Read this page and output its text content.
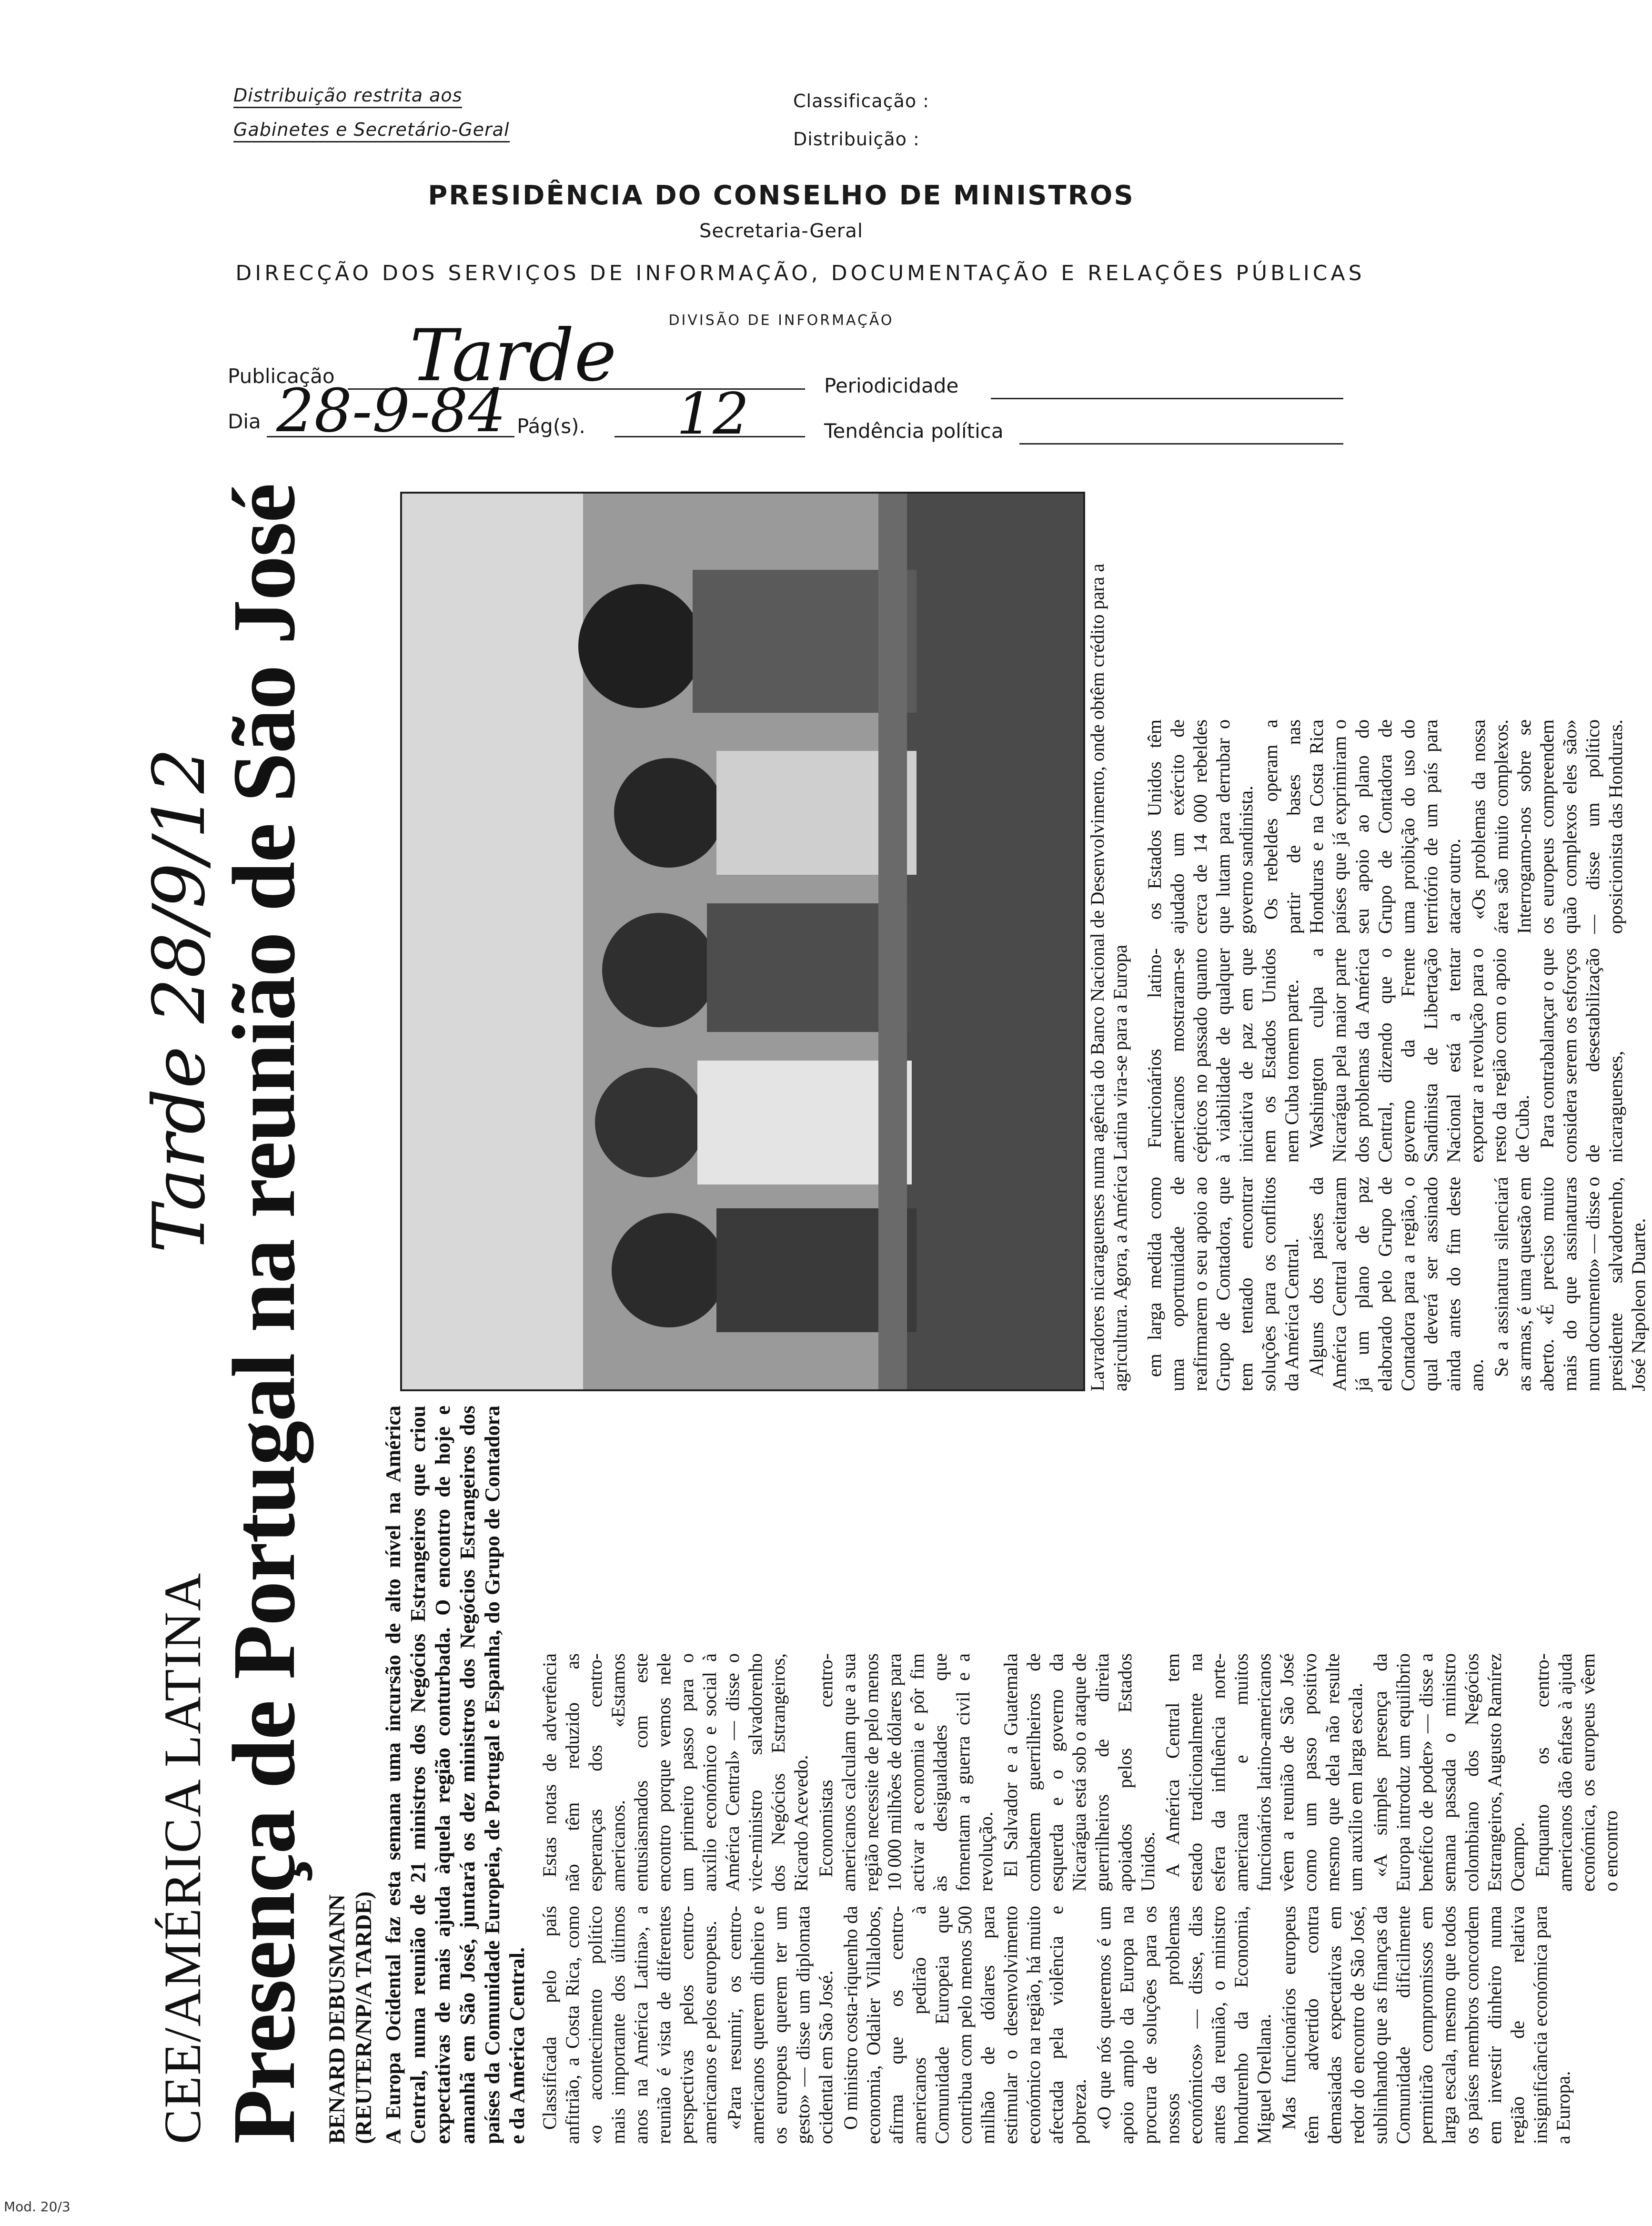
Distribuição restrita aos
Gabinetes e Secretário-Geral
Classificação :
Distribuição :
PRESIDÊNCIA DO CONSELHO DE MINISTROS
Secretaria-Geral
DIRECÇÃO DOS SERVIÇOS DE INFORMAÇÃO, DOCUMENTAÇÃO E RELAÇÕES PÚBLICAS
DIVISÃO DE INFORMAÇÃO
Publicação Tarde	Periodicidade
Dia 28-9-84 Pág(s). 12	Tendência política
CEE/AMÉRICA LATINA
Tarde 28/9/12
Presença de Portugal na reunião de São José BENARD DEBUSMANN (REUTER/NP/A TARDE) A Europa Ocidental faz esta semana uma incursão de alto nível na América Central, numa reunião de 21 ministros dos Negócios Estrangeiros que criou expectativas de mais ajuda àquela região conturbada. O encontro de hoje e amanhã em São José, juntará os dez ministros dos Negócios Estrangeiros dos países da Comunidade Europeia, de Portugal e Espanha, do Grupo de Contadora e da América Central. Classificada pelo país anfitrião, a Costa Rica, como «o acontecimento político mais importante dos últimos anos na América Latina», a reunião é vista de diferentes perspectivas pelos centro-americanos e pelos europeus. «Para resumir, os centro-americanos querem dinheiro e os europeus querem ter um gesto» — disse um diplomata ocidental em São José. O ministro costa-riquenho da economia, Odalier Villalobos, afirma que os centro-americanos pedirão à Comunidade Europeia que contribua com pelo menos 500 milhão de dólares para estimular o desenvolvimento económico na região, há muito afectada pela violência e pobreza. «O que nós queremos é um apoio amplo da Europa na procura de soluções para os nossos problemas económicos» — disse, dias antes da reunião, o ministro hondurenho da Economia, Miguel Orellana. Mas funcionários europeus têm advertido contra demasiadas expectativas em redor do encontro de São José, sublinhando que as finanças da Comunidade dificilmente permitirão compromissos em larga escala, mesmo que todos os países membros concordem em investir dinheiro numa região de relativa insignificância económica para a Europa.

Estas notas de advertência não têm reduzido as esperanças dos centro-americanos. «Estamos entusiasmados com este encontro porque vemos nele um primeiro passo para o auxílio económico e social à América Central» — disse o vice-ministro salvadorenho dos Negócios Estrangeiros, Ricardo Acevedo. Economistas centro-americanos calculam que a sua região necessite de pelo menos 10 000 milhões de dólares para activar a economia e pôr fim às desigualdades que fomentam a guerra civil e a revolução. El Salvador e a Guatemala combatem guerrilheiros de esquerda e o governo da Nicarágua está sob o ataque de guerrilheiros de direita apoiados pelos Estados Unidos. A América Central tem estado tradicionalmente na esfera da influência norte-americana e muitos funcionários latino-americanos vêem a reunião de São José como um passo positivo mesmo que dela não resulte um auxílio em larga escala. «A simples presença da Europa introduz um equilíbrio benéfico de poder» — disse a semana passada o ministro colombiano dos Negócios Estrangeiros, Augusto Ramírez Ocampo. Enquanto os centro-americanos dão ênfase à ajuda económica, os europeus vêem o encontro

Lavradores nicaraguenses numa agência do Banco Nacional de Desenvolvimento, onde obtêm crédito para a agricultura. Agora, a América Latina vira-se para a Europa em larga medida como uma oportunidade de reafirmarem o seu apoio ao Grupo de Contadora, que tem tentado encontrar soluções para os conflitos da América Central. Alguns dos países da América Central aceitaram já um plano de paz elaborado pelo Grupo de Contadora para a região, o qual deverá ser assinado ainda antes do fim deste ano. Se a assinatura silenciará as armas, é uma questão em aberto. «É preciso muito mais do que assinaturas num documento» — disse o presidente salvadorenho, José Napoleon Duarte.

Funcionários latino-americanos mostraram-se cépticos no passado quanto à viabilidade de qualquer iniciativa de paz em que nem os Estados Unidos nem Cuba tomem parte. Washington culpa a Nicarágua pela maior parte dos problemas da América Central, dizendo que o governo da Frente Sandinista de Libertação Nacional está a tentar exportar a revolução para o resto da região com o apoio de Cuba. Para contrabalançar o que considera serem os esforços de desestabilização nicaraguenses,

os Estados Unidos têm ajudado um exército de cerca de 14 000 rebeldes que lutam para derrubar o governo sandinista. Os rebeldes operam a partir de bases nas Honduras e na Costa Rica países que já exprimiram o seu apoio ao plano do Grupo de Contadora de uma proibição do uso do território de um país para atacar outro. «Os problemas da nossa área são muito complexos. Interrogamo-nos sobre se os europeus compreendem quão complexos eles são» — disse um político oposicionista das Honduras.

Mod. 20/3
